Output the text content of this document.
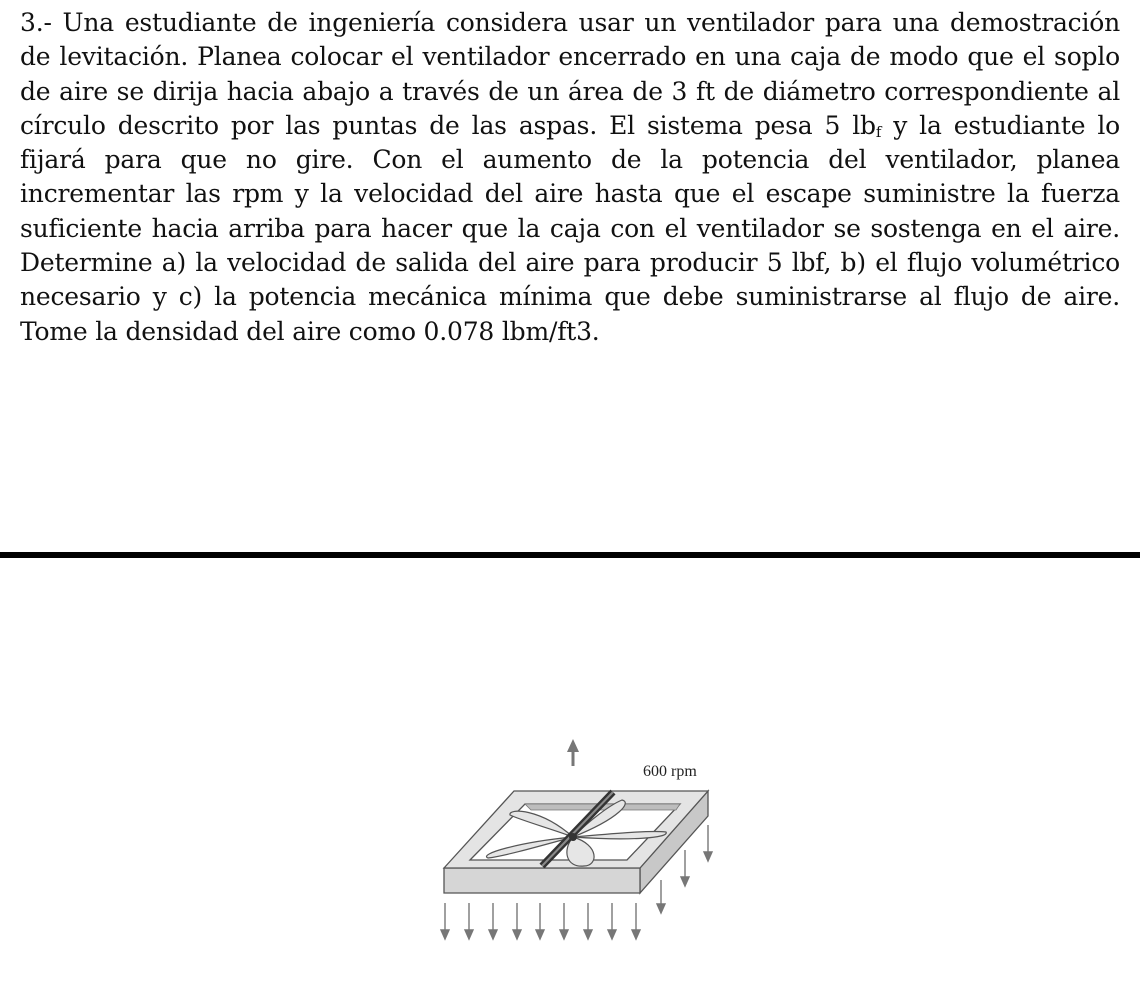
3.- Una estudiante de ingeniería considera usar un ventilador para una demostración de levitación. Planea colocar el ventilador encerrado en una caja de modo que el soplo de aire se dirija hacia abajo a través de un área de 3 ft de diámetro correspondiente al círculo descrito por las puntas de las aspas. El sistema pesa 5 $lb_f$ y la estudiante lo fijará para que no gire. Con el aumento de la potencia del ventilador, planea incrementar las rpm y la velocidad del aire hasta que el escape suministre la fuerza suficiente hacia arriba para hacer que la caja con el ventilador se sostenga en el aire. Determine a) la velocidad de salida del aire para producir 5 lbf, b) el flujo volumétrico necesario y c) la potencia mecánica mínima que debe suministrarse al flujo de aire. Tome la densidad del aire como 0.078 lbm/ft3.

600 rpm
